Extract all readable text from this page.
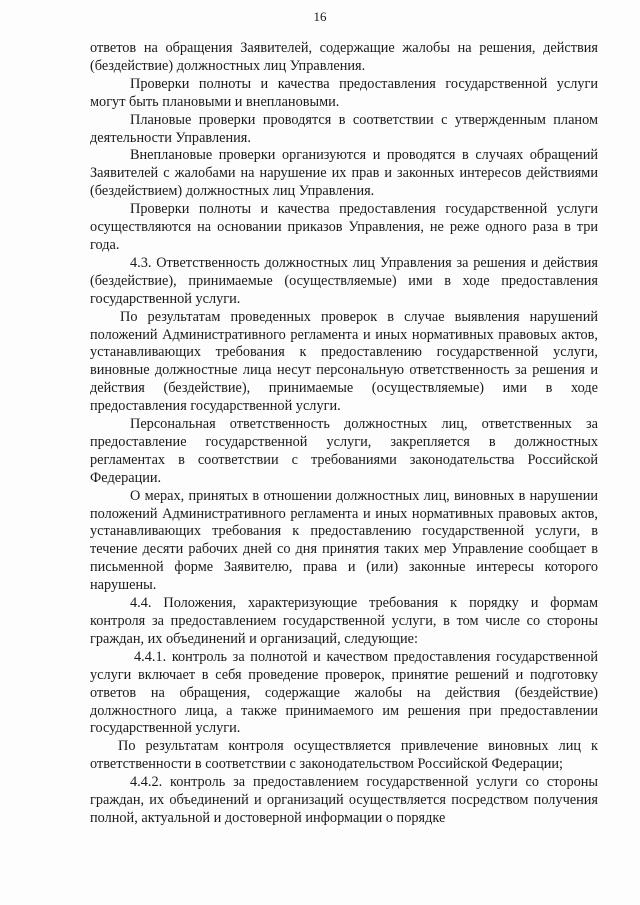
16

ответов на обращения Заявителей, содержащие жалобы на решения, действия (бездействие) должностных лиц Управления.

Проверки полноты и качества предоставления государственной услуги могут быть плановыми и внеплановыми.

Плановые проверки проводятся в соответствии с утвержденным планом деятельности Управления.

Внеплановые проверки организуются и проводятся в случаях обращений Заявителей с жалобами на нарушение их прав и законных интересов действиями (бездействием) должностных лиц Управления.

Проверки полноты и качества предоставления государственной услуги осуществляются на основании приказов Управления, не реже одного раза в три года.

4.3. Ответственность должностных лиц Управления за решения и действия (бездействие), принимаемые (осуществляемые) ими в ходе предоставления государственной услуги.

По результатам проведенных проверок в случае выявления нарушений положений Административного регламента и иных нормативных правовых актов, устанавливающих требования к предоставлению государственной услуги, виновные должностные лица несут персональную ответственность за решения и действия (бездействие), принимаемые (осуществляемые) ими в ходе предоставления государственной услуги.

Персональная ответственность должностных лиц, ответственных за предоставление государственной услуги, закрепляется в должностных регламентах в соответствии с требованиями законодательства Российской Федерации.

О мерах, принятых в отношении должностных лиц, виновных в нарушении положений Административного регламента и иных нормативных правовых актов, устанавливающих требования к предоставлению государственной услуги, в течение десяти рабочих дней со дня принятия таких мер Управление сообщает в письменной форме Заявителю, права и (или) законные интересы которого нарушены.

4.4. Положения, характеризующие требования к порядку и формам контроля за предоставлением государственной услуги, в том числе со стороны граждан, их объединений и организаций, следующие:

4.4.1. контроль за полнотой и качеством предоставления государственной услуги включает в себя проведение проверок, принятие решений и подготовку ответов на обращения, содержащие жалобы на действия (бездействие) должностного лица, а также принимаемого им решения при предоставлении государственной услуги.

По результатам контроля осуществляется привлечение виновных лиц к ответственности в соответствии с законодательством Российской Федерации;

4.4.2. контроль за предоставлением государственной услуги со стороны граждан, их объединений и организаций осуществляется посредством получения полной, актуальной и достоверной информации о порядке
